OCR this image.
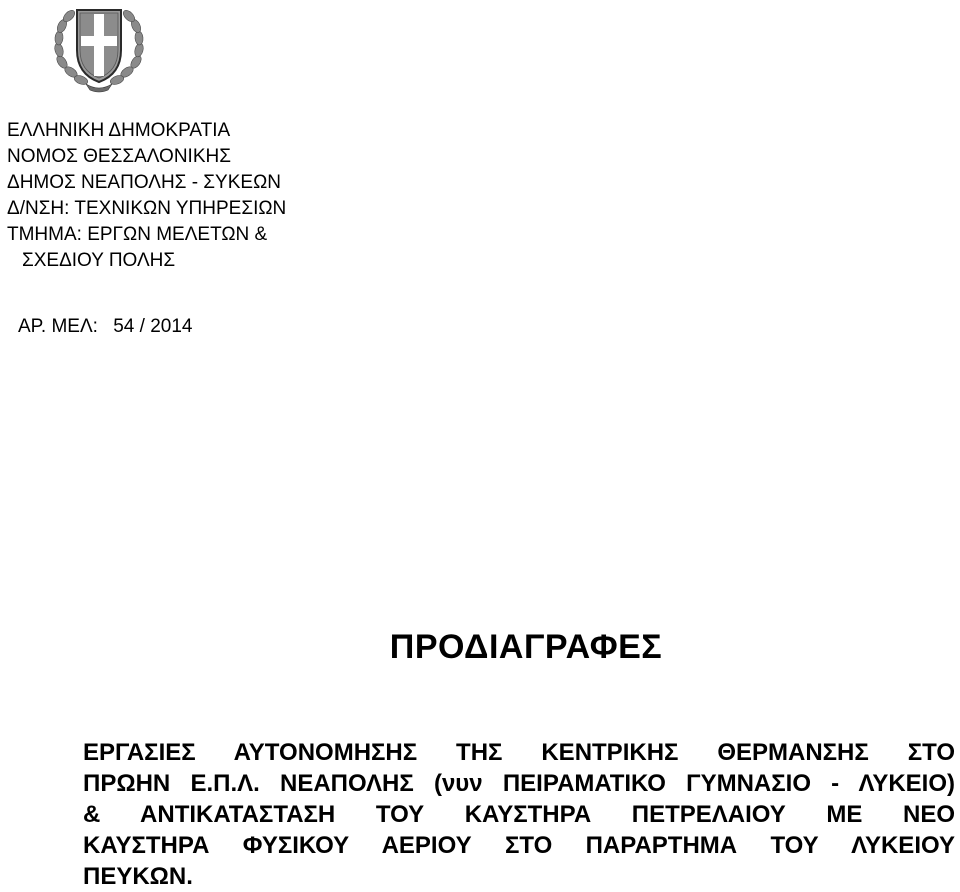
ΕΛΛΗΝΙΚΗ ΔΗΜΟΚΡΑΤΙΑ
ΝΟΜΟΣ ΘΕΣΣΑΛΟΝΙΚΗΣ
ΔΗΜΟΣ ΝΕΑΠΟΛΗΣ - ΣΥΚΕΩΝ
Δ/ΝΣΗ: ΤΕΧΝΙΚΩΝ ΥΠΗΡΕΣΙΩΝ
ΤΜΗΜΑ: ΕΡΓΩΝ ΜΕΛΕΤΩΝ &
ΣΧΕΔΙΟΥ ΠΟΛΗΣ
ΑΡ. ΜΕΛ: 54 / 2014
ΠΡΟΔΙΑΓΡΑΦΕΣ
ΕΡΓΑΣΙΕΣ ΑΥΤΟΝΟΜΗΣΗΣ ΤΗΣ ΚΕΝΤΡΙΚΗΣ ΘΕΡΜΑΝΣΗΣ ΣΤΟ
ΠΡΩΗΝ Ε.Π.Λ. ΝΕΑΠΟΛΗΣ (νυν ΠΕΙΡΑΜΑΤΙΚΟ ΓΥΜΝΑΣΙΟ - ΛΥΚΕΙΟ)
& ΑΝΤΙΚΑΤΑΣΤΑΣΗ ΤΟΥ ΚΑΥΣΤΗΡΑ ΠΕΤΡΕΛΑΙΟΥ ΜΕ ΝΕΟ
ΚΑΥΣΤΗΡΑ ΦΥΣΙΚΟΥ ΑΕΡΙΟΥ ΣΤΟ ΠΑΡΑΡΤΗΜΑ ΤΟΥ ΛΥΚΕΙΟΥ
ΠΕΥΚΩΝ.
